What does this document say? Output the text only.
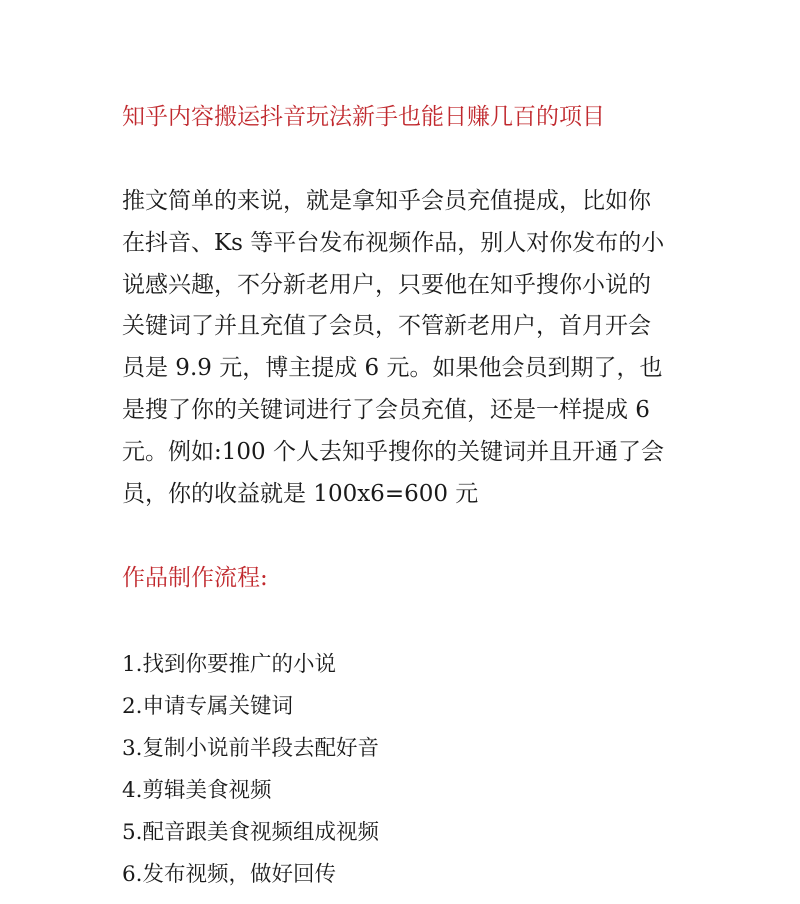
知乎内容搬运抖音玩法新手也能日赚几百的项目
推文简单的来说，就是拿知乎会员充值提成，比如你
在抖音、Ks 等平台发布视频作品，别人对你发布的小
说感兴趣，不分新老用户，只要他在知乎搜你小说的
关键词了并且充值了会员，不管新老用户，首月开会
员是 9.9 元，博主提成 6 元。如果他会员到期了，也
是搜了你的关键词进行了会员充值，还是一样提成 6
元。例如:100 个人去知乎搜你的关键词并且开通了会
员，你的收益就是 100x6=600 元
作品制作流程:
1.找到你要推广的小说
2.申请专属关键词
3.复制小说前半段去配好音
4.剪辑美食视频
5.配音跟美食视频组成视频
6.发布视频，做好回传
